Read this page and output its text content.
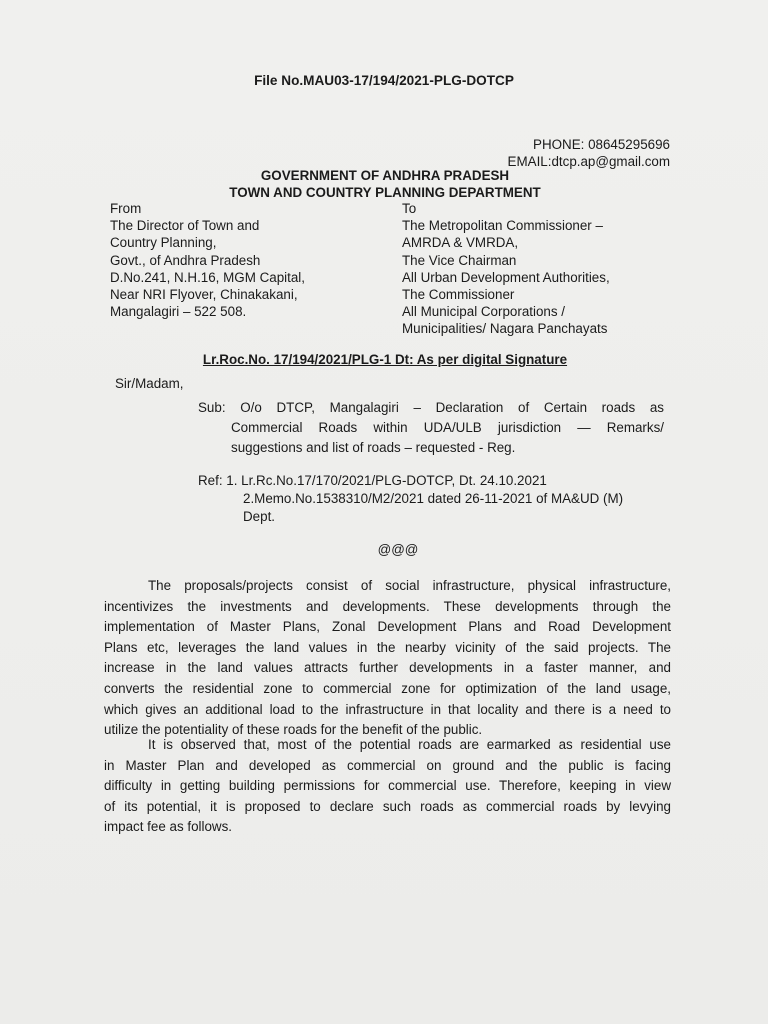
File No.MAU03-17/194/2021-PLG-DOTCP
PHONE: 08645295696
EMAIL:dtcp.ap@gmail.com
GOVERNMENT OF ANDHRA PRADESH
TOWN AND COUNTRY PLANNING DEPARTMENT
From
The Director of Town and
Country Planning,
Govt., of Andhra Pradesh
D.No.241, N.H.16, MGM Capital,
Near NRI Flyover, Chinakakani,
Mangalagiri – 522 508.
To
The Metropolitan Commissioner –
AMRDA & VMRDA,
The Vice Chairman
All Urban Development Authorities,
The Commissioner
All Municipal Corporations /
Municipalities/ Nagara Panchayats
Lr.Roc.No. 17/194/2021/PLG-1 Dt: As per digital Signature
Sir/Madam,
Sub: O/o DTCP, Mangalagiri – Declaration of Certain roads as
Commercial Roads within UDA/ULB jurisdiction — Remarks/
suggestions and list of roads – requested - Reg.
Ref: 1. Lr.Rc.No.17/170/2021/PLG-DOTCP, Dt. 24.10.2021
2.Memo.No.1538310/M2/2021 dated 26-11-2021 of MA&UD (M)
Dept.
@@@
The proposals/projects consist of social infrastructure, physical infrastructure,
incentivizes the investments and developments. These developments through the
implementation of Master Plans, Zonal Development Plans and Road Development
Plans etc, leverages the land values in the nearby vicinity of the said projects. The
increase in the land values attracts further developments in a faster manner, and
converts the residential zone to commercial zone for optimization of the land usage,
which gives an additional load to the infrastructure in that locality and there is a need to
utilize the potentiality of these roads for the benefit of the public.
It is observed that, most of the potential roads are earmarked as residential use
in Master Plan and developed as commercial on ground and the public is facing
difficulty in getting building permissions for commercial use. Therefore, keeping in view
of its potential, it is proposed to declare such roads as commercial roads by levying
impact fee as follows.
